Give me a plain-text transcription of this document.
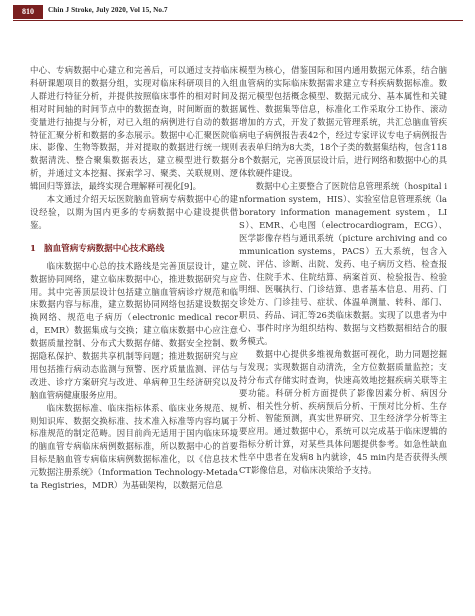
810	Chin J Stroke, July 2020, Vol 15, No.7

中心、专病数据中心建立和完善后，可以通过支持临床科研课题项目的数据分组，实现对临床科研项目的入组人群进行特征分析，并提供按照临床事件的相对时间及相对时间轴的时间节点中的数据查询，时间断面的数据变量进行抽提与分析，对已入组的病例进行自动的数据特征汇聚分析和数据的多态展示。数据中心汇聚医院临床、影像、生物等数据，并对提取的数据进行统一规则数据清洗、整合聚集数据表达，建立模型进行数据分析，并通过文本挖掘、探索学习、聚类、关联规则、逻辑回归等算法，最终实现合理解释可视化[9]。

本文通过介绍天坛医院脑血管病专病数据中心的建设经验，以期为国内更多的专病数据中心建设提供借鉴。

1 脑血管病专病数据中心技术路线

临床数据中心总的技术路线是完善顶层设计，建立数据协同网络，建立临床数据中心，推进数据研究与应用。其中完善顶层设计包括建立脑血管病诊疗规范和临床数据内容与标准，建立数据协同网络包括建设数据交换网络、规范电子病历（electronic medical record，EMR）数据集成与交换；建立临床数据中心应注意数据质量控制、分布式大数据存储、数据安全控制、数据隐私保护、数据共享机制等问题；推进数据研究与应用包括推行病动态监测与预警、医疗质量监测、评估与改进、诊疗方案研究与改进、单病种卫生经济研究以及脑血管病健康服务应用。

临床数据标准、临床指标体系、临床业务规范、规则知识库、数据交换标准、技术准入标准等内容均属于标准规范的制定范畴。因目前尚无适用于国内临床环境的脑血管专病临床病例数据标准，所以数据中心的首要目标是脑血管专病临床病例数据标准化，以《信息技术元数据注册系统》（Information Technology-Metadata Registries，MDR）为基础架构，以数据元信息

模型为核心，借鉴国际和国内通用数据元体系，结合脑血管病的实际临床数据需求建立专科疾病数据标准。数据元模型包括概念模型、数据元成分、基本属性和关键属性、数据集等信息，标准化工作采取分工协作、滚动增加的方式，开发了数据元管理系统，共汇总脑血管疾病电子病例报告表42个，经过专家评议专电子病例报告表表单归纳为8大类，18个子类的数据集结构，包含1188个数据元，完善顶层设计后，进行网络和数据中心的具体软硬件建设。

数据中心主要整合了医院信息管理系统（hospital information system，HIS）、实验室信息管理系统（laboratory information management system，LIS）、EMR、心电图（electrocardiogram，ECG）、医学影像存档与通讯系统（picture archiving and communication systems，PACS）五大系统，包含入院、评估、诊断、出院、发药、电子病历文档、检查报告、住院手术、住院结算、病案首页、检验报告、检验明细、医嘱执行、门诊结算、患者基本信息、用药、门诊处方、门诊挂号、症状、体温单测量、转科、部门、职员、药品、词汇等26类临床数据。实现了以患者为中心、事件时序为组织结构、数据与文档数据相结合的服务模式。

数据中心提供多维视角数据可视化，助力同题挖掘与发现；实现数据自动清洗，全方位数据质量监控；支持分布式存储实时查询，快速高效地挖掘疾病关联等主要功能。科研分析方面提供了影像因素分析、病因分析、相关性分析、疾病预后分析、干预对比分析、生存分析、智能预测，真实世界研究、卫生经济学分析等主要应用。通过数据中心，系统可以完成基于临床逻辑的指标分析计算，对某些具体问题提供参考。如急性缺血性卒中患者在发病8 h内就诊，45 min内是否获得头颅CT影像信息，对临床决策给予支持。
